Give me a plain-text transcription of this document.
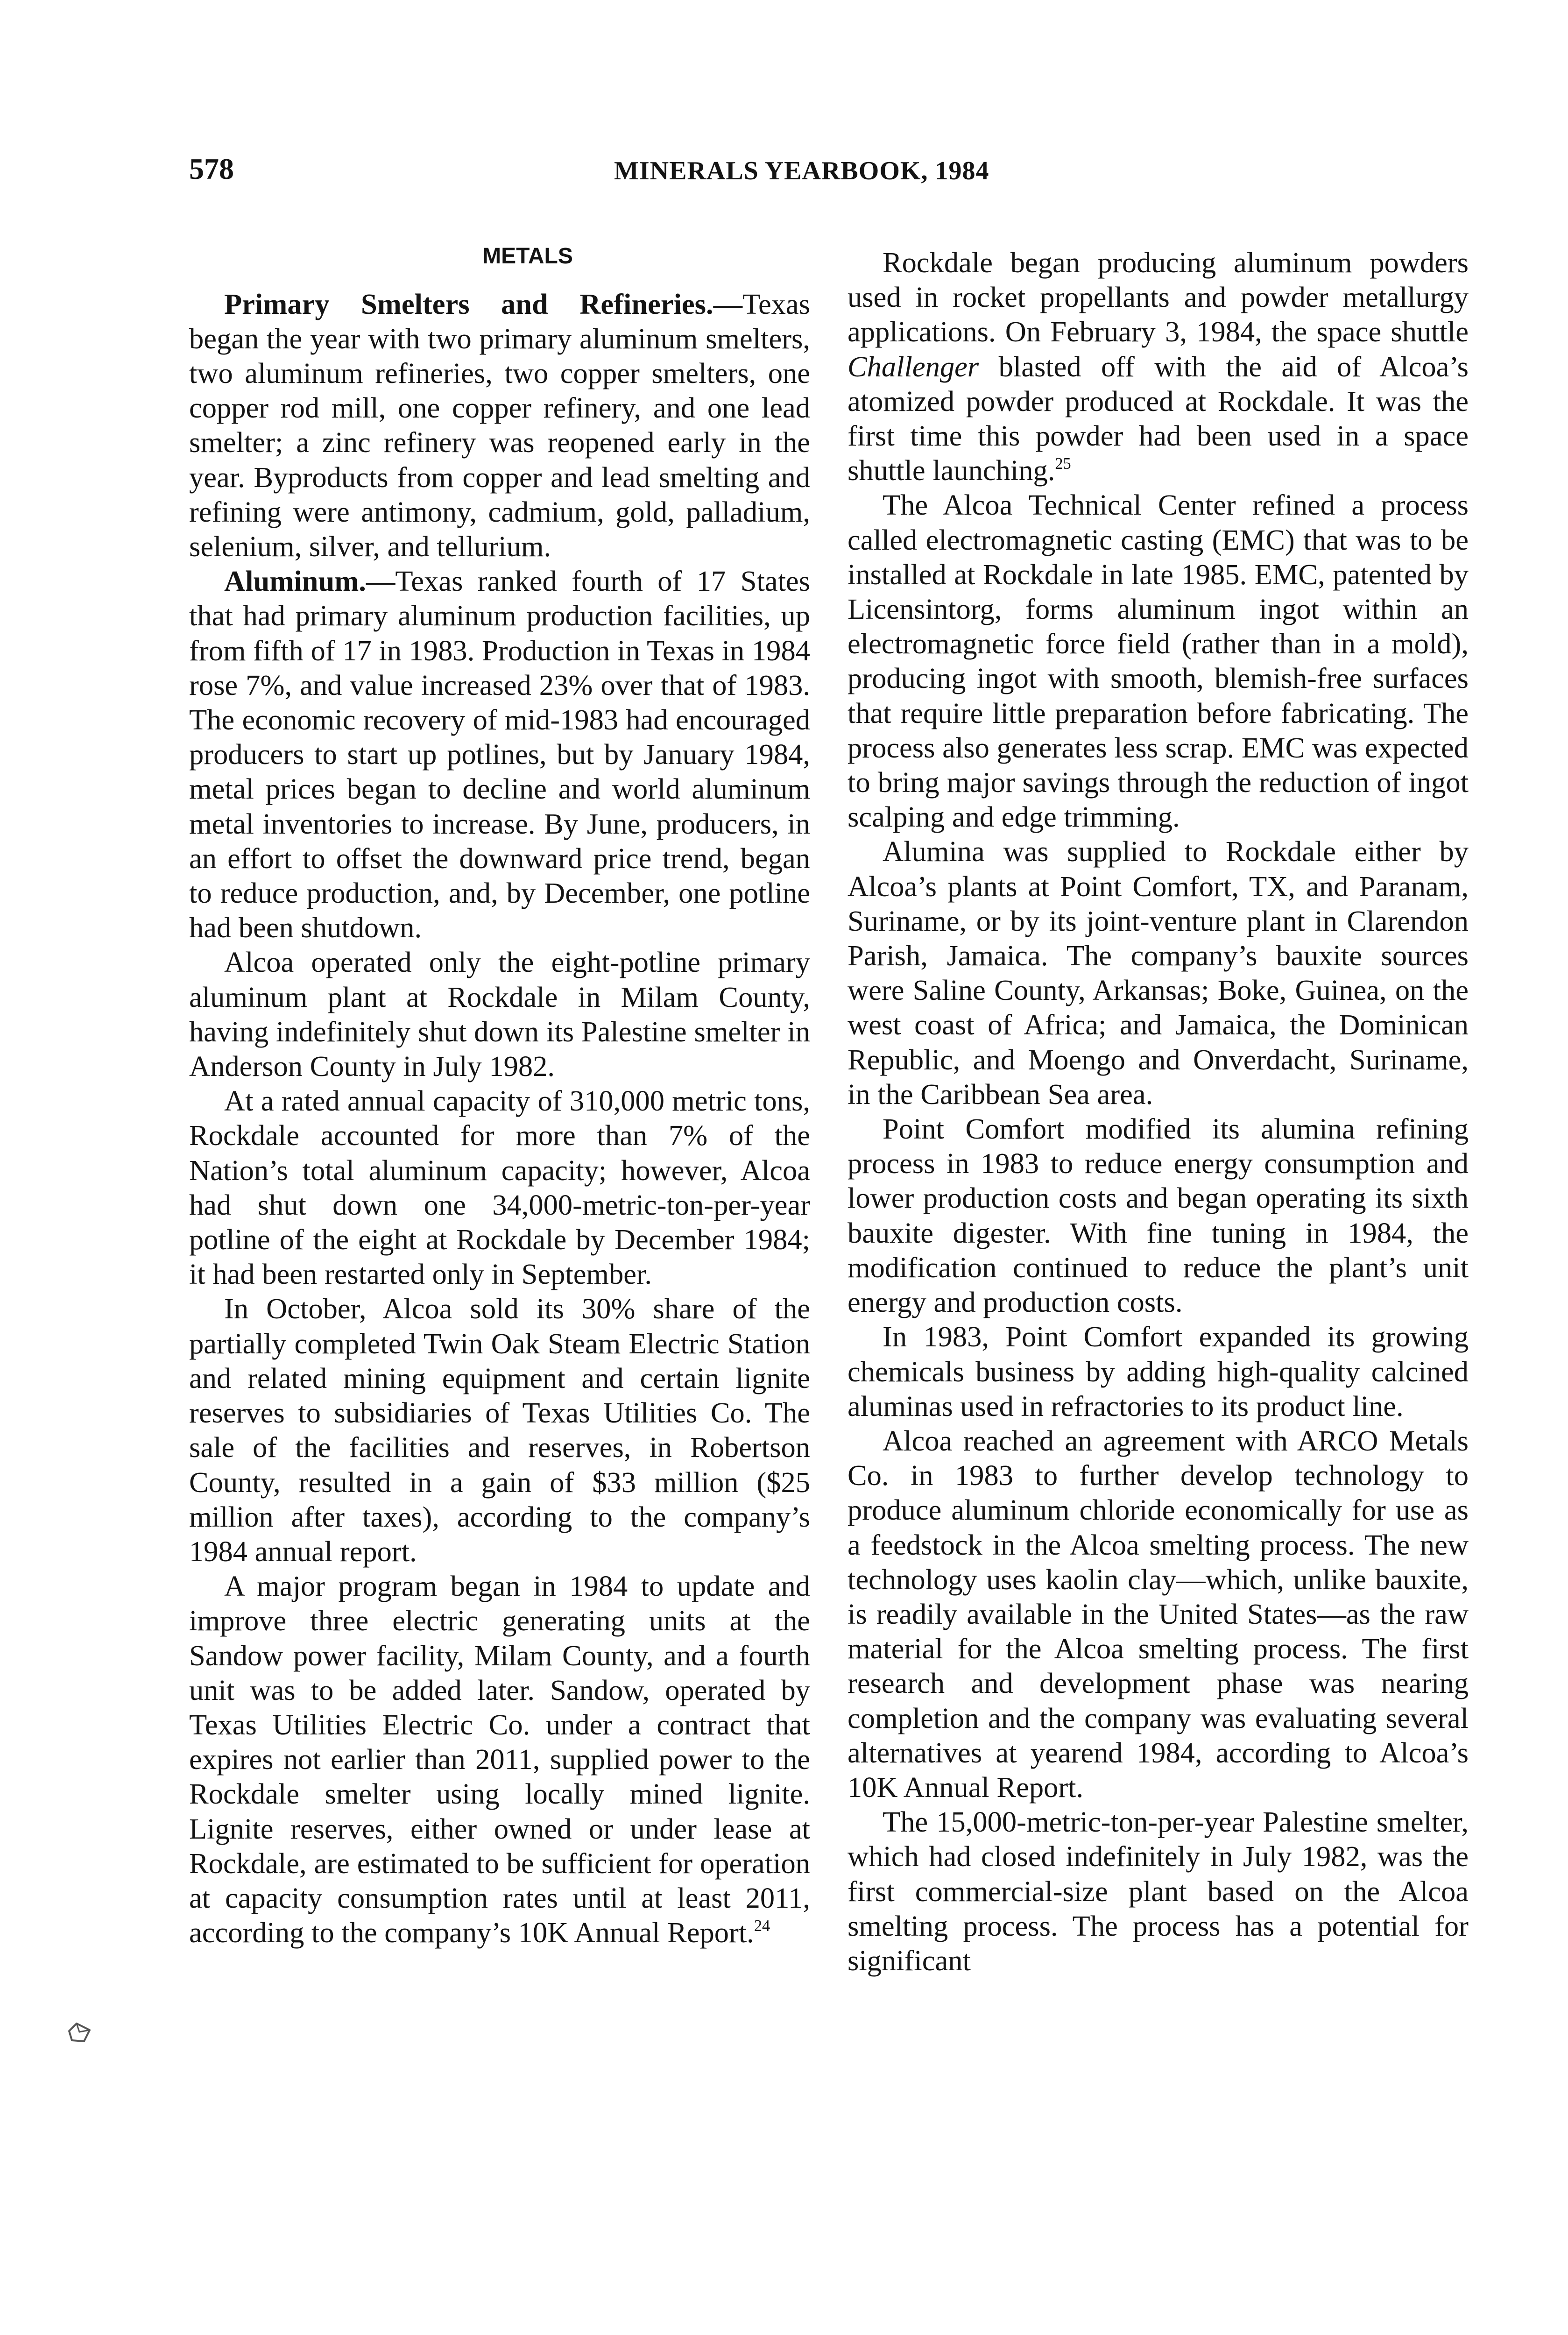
578	MINERALS YEARBOOK, 1984
METALS

Primary Smelters and Refineries.—Texas began the year with two primary aluminum smelters, two aluminum refineries, two copper smelters, one copper rod mill, one copper refinery, and one lead smelter; a zinc refinery was reopened early in the year. Byproducts from copper and lead smelting and refining were antimony, cadmium, gold, palladium, selenium, silver, and tellurium.

Aluminum.—Texas ranked fourth of 17 States that had primary aluminum production facilities, up from fifth of 17 in 1983. Production in Texas in 1984 rose 7%, and value increased 23% over that of 1983. The economic recovery of mid-1983 had encouraged producers to start up potlines, but by January 1984, metal prices began to decline and world aluminum metal inventories to increase. By June, producers, in an effort to offset the downward price trend, began to reduce production, and, by December, one potline had been shutdown.

Alcoa operated only the eight-potline primary aluminum plant at Rockdale in Milam County, having indefinitely shut down its Palestine smelter in Anderson County in July 1982.

At a rated annual capacity of 310,000 metric tons, Rockdale accounted for more than 7% of the Nation’s total aluminum capacity; however, Alcoa had shut down one 34,000-metric-ton-per-year potline of the eight at Rockdale by December 1984; it had been restarted only in September.

In October, Alcoa sold its 30% share of the partially completed Twin Oak Steam Electric Station and related mining equipment and certain lignite reserves to subsidiaries of Texas Utilities Co. The sale of the facilities and reserves, in Robertson County, resulted in a gain of $33 million ($25 million after taxes), according to the company’s 1984 annual report.

A major program began in 1984 to update and improve three electric generating units at the Sandow power facility, Milam County, and a fourth unit was to be added later. Sandow, operated by Texas Utilities Electric Co. under a contract that expires not earlier than 2011, supplied power to the Rockdale smelter using locally mined lignite. Lignite reserves, either owned or under lease at Rockdale, are estimated to be sufficient for operation at capacity consumption rates until at least 2011, according to the company’s 10K Annual Report.$^{24}$

Rockdale began producing aluminum powders used in rocket propellants and powder metallurgy applications. On February 3, 1984, the space shuttle Challenger blasted off with the aid of Alcoa’s atomized powder produced at Rockdale. It was the first time this powder had been used in a space shuttle launching.$^{25}$

The Alcoa Technical Center refined a process called electromagnetic casting (EMC) that was to be installed at Rockdale in late 1985. EMC, patented by Licensintorg, forms aluminum ingot within an electromagnetic force field (rather than in a mold), producing ingot with smooth, blemish-free surfaces that require little preparation before fabricating. The process also generates less scrap. EMC was expected to bring major savings through the reduction of ingot scalping and edge trimming.

Alumina was supplied to Rockdale either by Alcoa’s plants at Point Comfort, TX, and Paranam, Suriname, or by its joint-venture plant in Clarendon Parish, Jamaica. The company’s bauxite sources were Saline County, Arkansas; Boke, Guinea, on the west coast of Africa; and Jamaica, the Dominican Republic, and Moengo and Onverdacht, Suriname, in the Caribbean Sea area.

Point Comfort modified its alumina refining process in 1983 to reduce energy consumption and lower production costs and began operating its sixth bauxite digester. With fine tuning in 1984, the modification continued to reduce the plant’s unit energy and production costs.

In 1983, Point Comfort expanded its growing chemicals business by adding high-quality calcined aluminas used in refractories to its product line.

Alcoa reached an agreement with ARCO Metals Co. in 1983 to further develop technology to produce aluminum chloride economically for use as a feedstock in the Alcoa smelting process. The new technology uses kaolin clay—which, unlike bauxite, is readily available in the United States—as the raw material for the Alcoa smelting process. The first research and development phase was nearing completion and the company was evaluating several alternatives at yearend 1984, according to Alcoa’s 10K Annual Report.

The 15,000-metric-ton-per-year Palestine smelter, which had closed indefinitely in July 1982, was the first commercial-size plant based on the Alcoa smelting process. The process has a potential for significant
